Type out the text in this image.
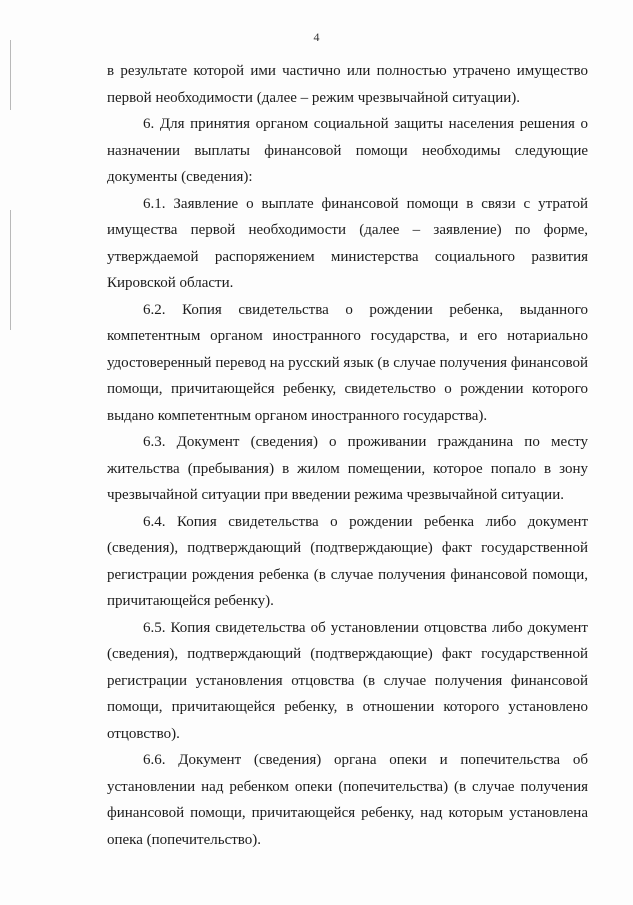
4

в результате которой ими частично или полностью утрачено имущество первой необходимости (далее – режим чрезвычайной ситуации).

6. Для принятия органом социальной защиты населения решения о назначении выплаты финансовой помощи необходимы следующие документы (сведения):

6.1. Заявление о выплате финансовой помощи в связи с утратой имущества первой необходимости (далее – заявление) по форме, утверждаемой распоряжением министерства социального развития Кировской области.

6.2. Копия свидетельства о рождении ребенка, выданного компетентным органом иностранного государства, и его нотариально удостоверенный перевод на русский язык (в случае получения финансовой помощи, причитающейся ребенку, свидетельство о рождении которого выдано компетентным органом иностранного государства).

6.3. Документ (сведения) о проживании гражданина по месту жительства (пребывания) в жилом помещении, которое попало в зону чрезвычайной ситуации при введении режима чрезвычайной ситуации.

6.4. Копия свидетельства о рождении ребенка либо документ (сведения), подтверждающий (подтверждающие) факт государственной регистрации рождения ребенка (в случае получения финансовой помощи, причитающейся ребенку).

6.5. Копия свидетельства об установлении отцовства либо документ (сведения), подтверждающий (подтверждающие) факт государственной регистрации установления отцовства (в случае получения финансовой помощи, причитающейся ребенку, в отношении которого установлено отцовство).

6.6. Документ (сведения) органа опеки и попечительства об установлении над ребенком опеки (попечительства) (в случае получения финансовой помощи, причитающейся ребенку, над которым установлена опека (попечительство).
